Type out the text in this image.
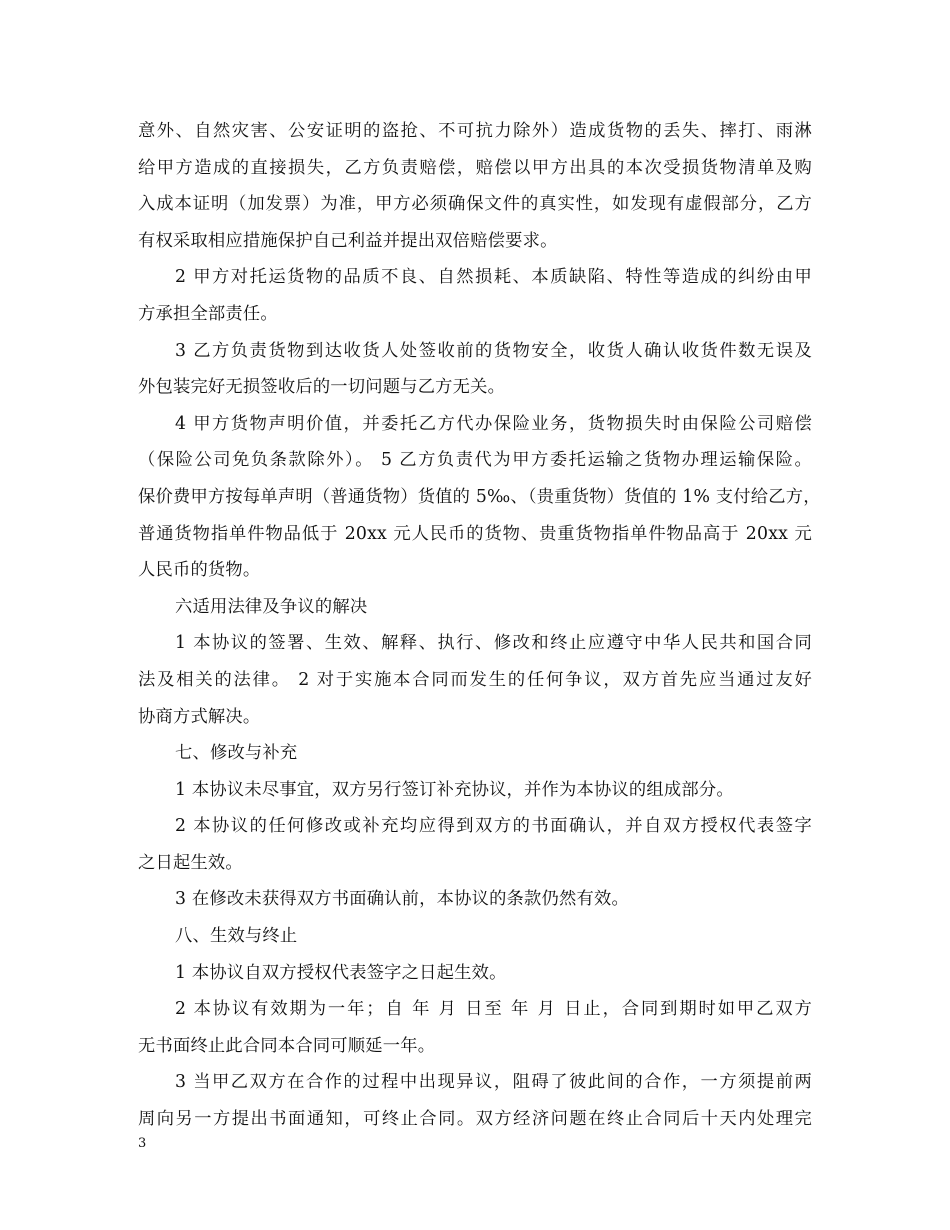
意外、自然灾害、公安证明的盗抢、不可抗力除外）造成货物的丢失、摔打、雨淋
给甲方造成的直接损失，乙方负责赔偿，赔偿以甲方出具的本次受损货物清单及购
入成本证明（加发票）为准，甲方必须确保文件的真实性，如发现有虚假部分，乙方
有权采取相应措施保护自己利益并提出双倍赔偿要求。
2 甲方对托运货物的品质不良、自然损耗、本质缺陷、特性等造成的纠纷由甲
方承担全部责任。
3 乙方负责货物到达收货人处签收前的货物安全，收货人确认收货件数无误及
外包装完好无损签收后的一切问题与乙方无关。
4 甲方货物声明价值，并委托乙方代办保险业务，货物损失时由保险公司赔偿
（保险公司免负条款除外）。 5 乙方负责代为甲方委托运输之货物办理运输保险。
保价费甲方按每单声明（普通货物）货值的 5‰、（贵重货物）货值的 1% 支付给乙方，
普通货物指单件物品低于 20xx 元人民币的货物、贵重货物指单件物品高于 20xx 元
人民币的货物。
六适用法律及争议的解决
1 本协议的签署、生效、解释、执行、修改和终止应遵守中华人民共和国合同
法及相关的法律。 2 对于实施本合同而发生的任何争议，双方首先应当通过友好
协商方式解决。
七、修改与补充
1 本协议未尽事宜，双方另行签订补充协议，并作为本协议的组成部分。
2 本协议的任何修改或补充均应得到双方的书面确认，并自双方授权代表签字
之日起生效。
3 在修改未获得双方书面确认前，本协议的条款仍然有效。
八、生效与终止
1 本协议自双方授权代表签字之日起生效。
2 本协议有效期为一年；自 年 月 日至 年 月 日止，合同到期时如甲乙双方
无书面终止此合同本合同可顺延一年。
3 当甲乙双方在合作的过程中出现异议，阻碍了彼此间的合作，一方须提前两
周向另一方提出书面通知，可终止合同。双方经济问题在终止合同后十天内处理完
3
